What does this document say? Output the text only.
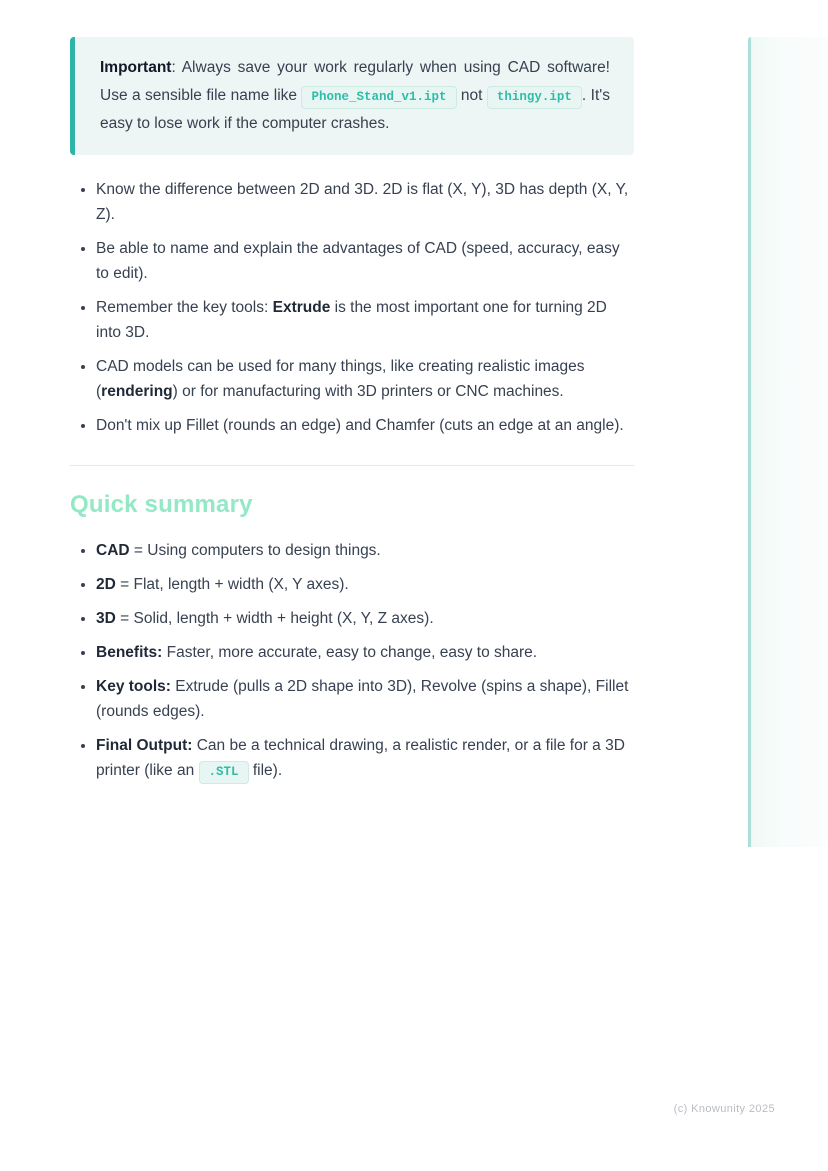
Important: Always save your work regularly when using CAD software! Use a sensible file name like Phone_Stand_v1.ipt not thingy.ipt . It's easy to lose work if the computer crashes.
• Know the difference between 2D and 3D. 2D is flat (X, Y), 3D has depth (X, Y, Z).
• Be able to name and explain the advantages of CAD (speed, accuracy, easy to edit).
• Remember the key tools: Extrude is the most important one for turning 2D into 3D.
• CAD models can be used for many things, like creating realistic images (rendering) or for manufacturing with 3D printers or CNC machines.
• Don't mix up Fillet (rounds an edge) and Chamfer (cuts an edge at an angle).
Quick summary
• CAD = Using computers to design things.
• 2D = Flat, length + width (X, Y axes).
• 3D = Solid, length + width + height (X, Y, Z axes).
• Benefits: Faster, more accurate, easy to change, easy to share.
• Key tools: Extrude (pulls a 2D shape into 3D), Revolve (spins a shape), Fillet (rounds edges).
• Final Output: Can be a technical drawing, a realistic render, or a file for a 3D printer (like an .STL file).
(c) Knowunity 2025
